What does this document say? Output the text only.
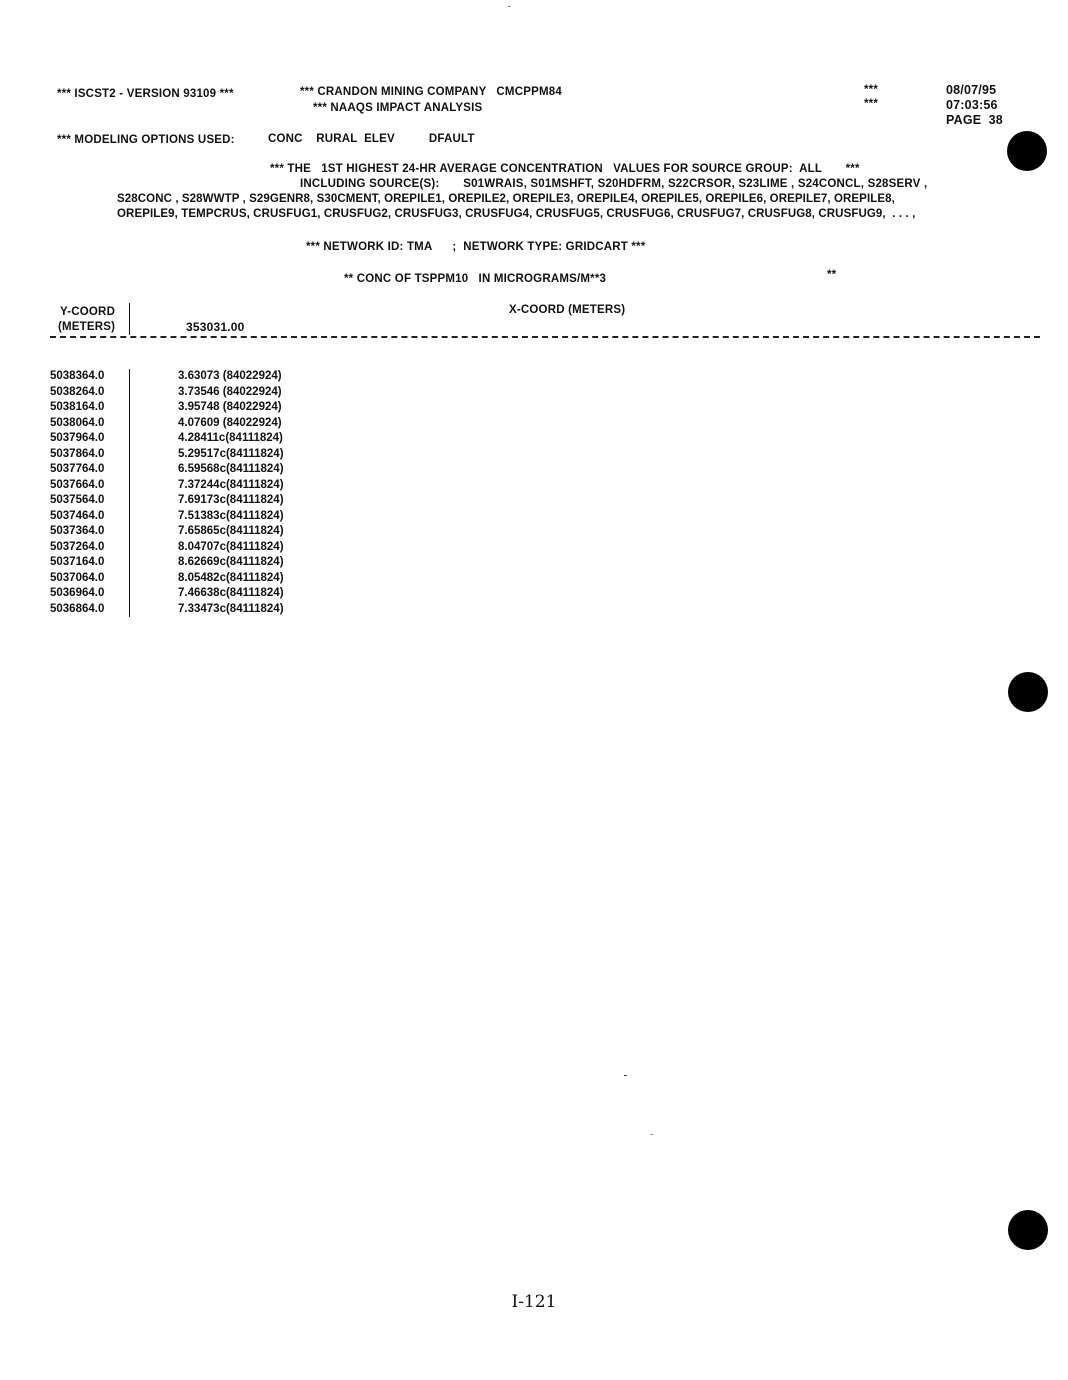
*** ISCST2 - VERSION 93109 ***	*** CRANDON MINING COMPANY   CMCPPM84
*** NAAQS IMPACT ANALYSIS
***
***
08/07/95
07:03:56
PAGE  38
*** MODELING OPTIONS USED:	CONC    RURAL  ELEV          DFAULT
*** THE   1ST HIGHEST 24-HR AVERAGE CONCENTRATION   VALUES FOR SOURCE GROUP:  ALL       ***
INCLUDING SOURCE(S):       S01WRAIS, S01MSHFT, S20HDFRM, S22CRSOR, S23LIME , S24CONCL, S28SERV ,
S28CONC , S28WWTP , S29GENR8, S30CMENT, OREPILE1, OREPILE2, OREPILE3, OREPILE4, OREPILE5, OREPILE6, OREPILE7, OREPILE8,
OREPILE9, TEMPCRUS, CRUSFUG1, CRUSFUG2, CRUSFUG3, CRUSFUG4, CRUSFUG5, CRUSFUG6, CRUSFUG7, CRUSFUG8, CRUSFUG9,  . . . ,
*** NETWORK ID: TMA      ;  NETWORK TYPE: GRIDCART ***
** CONC OF TSPPM10   IN MICROGRAMS/M**3	**
Y-COORD
(METERS)
X-COORD (METERS)
353031.00
5038364.0	3.63073 (84022924)
5038264.0	3.73546 (84022924)
5038164.0	3.95748 (84022924)
5038064.0	4.07609 (84022924)
5037964.0	4.28411c(84111824)
5037864.0	5.29517c(84111824)
5037764.0	6.59568c(84111824)
5037664.0	7.37244c(84111824)
5037564.0	7.69173c(84111824)
5037464.0	7.51383c(84111824)
5037364.0	7.65865c(84111824)
5037264.0	8.04707c(84111824)
5037164.0	8.62669c(84111824)
5037064.0	8.05482c(84111824)
5036964.0	7.46638c(84111824)
5036864.0	7.33473c(84111824)
I-121
